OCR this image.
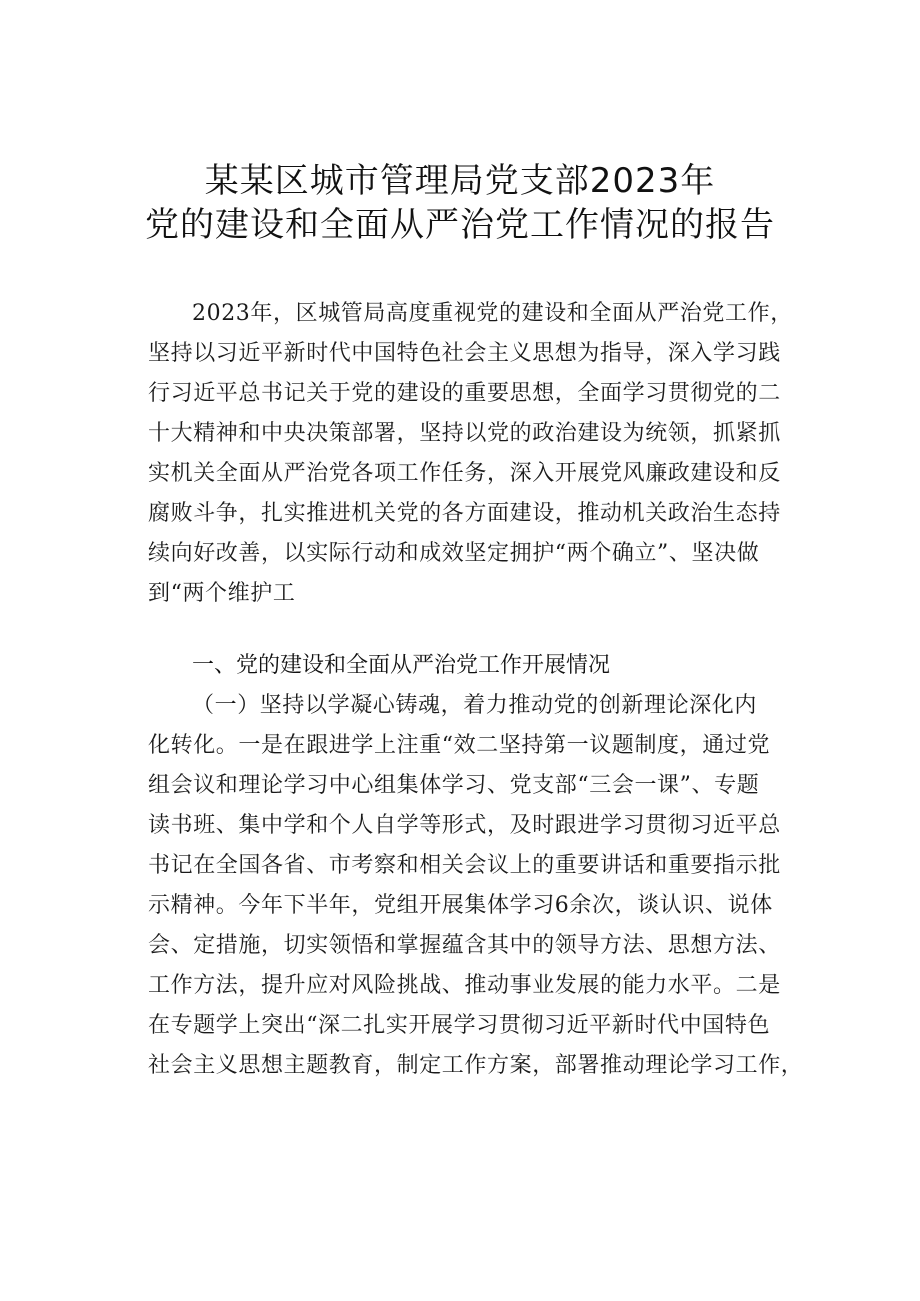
某某区城市管理局党支部2023年
党的建设和全面从严治党工作情况的报告
2023年，区城管局高度重视党的建设和全面从严治党工作，
坚持以习近平新时代中国特色社会主义思想为指导，深入学习践
行习近平总书记关于党的建设的重要思想，全面学习贯彻党的二
十大精神和中央决策部署，坚持以党的政治建设为统领，抓紧抓
实机关全面从严治党各项工作任务，深入开展党风廉政建设和反
腐败斗争，扎实推进机关党的各方面建设，推动机关政治生态持
续向好改善，以实际行动和成效坚定拥护“两个确立”、坚决做
到“两个维护工
一、党的建设和全面从严治党工作开展情况
（一）坚持以学凝心铸魂，着力推动党的创新理论深化内
化转化。一是在跟进学上注重“效二坚持第一议题制度，通过党
组会议和理论学习中心组集体学习、党支部“三会一课”、专题
读书班、集中学和个人自学等形式，及时跟进学习贯彻习近平总
书记在全国各省、市考察和相关会议上的重要讲话和重要指示批
示精神。今年下半年，党组开展集体学习6余次，谈认识、说体
会、定措施，切实领悟和掌握蕴含其中的领导方法、思想方法、
工作方法，提升应对风险挑战、推动事业发展的能力水平。二是
在专题学上突出“深二扎实开展学习贯彻习近平新时代中国特色
社会主义思想主题教育，制定工作方案，部署推动理论学习工作，
